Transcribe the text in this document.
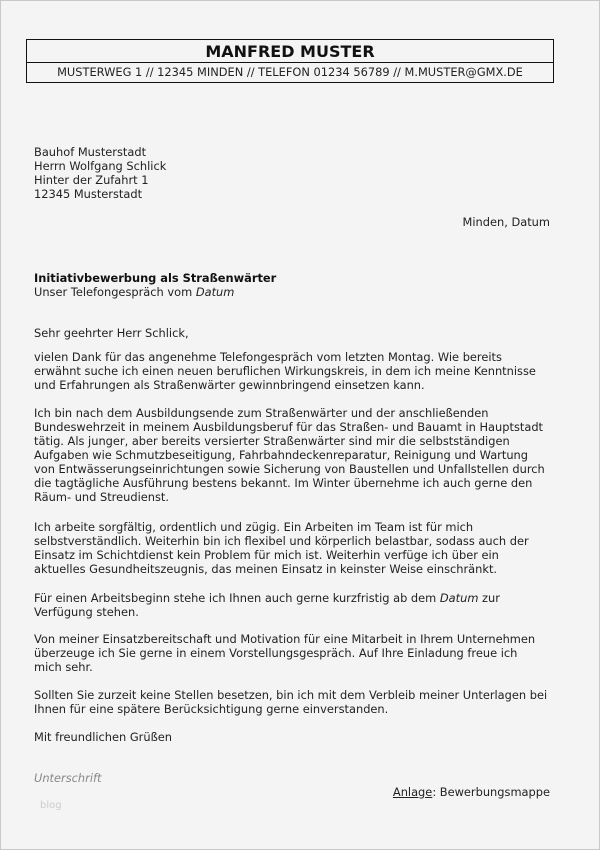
MANFRED MUSTER
MUSTERWEG 1 // 12345 MINDEN // TELEFON 01234 56789 // M.MUSTER@GMX.DE
Bauhof Musterstadt
Herrn Wolfgang Schlick
Hinter der Zufahrt 1
12345 Musterstadt
Minden, Datum
Initiativbewerbung als Straßenwärter
Unser Telefongespräch vom Datum
Sehr geehrter Herr Schlick,
vielen Dank für das angenehme Telefongespräch vom letzten Montag. Wie bereits
erwähnt suche ich einen neuen beruflichen Wirkungskreis, in dem ich meine Kenntnisse
und Erfahrungen als Straßenwärter gewinnbringend einsetzen kann.
Ich bin nach dem Ausbildungsende zum Straßenwärter und der anschließenden
Bundeswehrzeit in meinem Ausbildungsberuf für das Straßen- und Bauamt in Hauptstadt
tätig. Als junger, aber bereits versierter Straßenwärter sind mir die selbstständigen
Aufgaben wie Schmutzbeseitigung, Fahrbahndeckenreparatur, Reinigung und Wartung
von Entwässerungseinrichtungen sowie Sicherung von Baustellen und Unfallstellen durch
die tagtägliche Ausführung bestens bekannt. Im Winter übernehme ich auch gerne den
Räum- und Streudienst.
Ich arbeite sorgfältig, ordentlich und zügig. Ein Arbeiten im Team ist für mich
selbstverständlich. Weiterhin bin ich flexibel und körperlich belastbar, sodass auch der
Einsatz im Schichtdienst kein Problem für mich ist. Weiterhin verfüge ich über ein
aktuelles Gesundheitszeugnis, das meinen Einsatz in keinster Weise einschränkt.
Für einen Arbeitsbeginn stehe ich Ihnen auch gerne kurzfristig ab dem Datum zur
Verfügung stehen.
Von meiner Einsatzbereitschaft und Motivation für eine Mitarbeit in Ihrem Unternehmen
überzeuge ich Sie gerne in einem Vorstellungsgespräch. Auf Ihre Einladung freue ich
mich sehr.
Sollten Sie zurzeit keine Stellen besetzen, bin ich mit dem Verbleib meiner Unterlagen bei
Ihnen für eine spätere Berücksichtigung gerne einverstanden.
Mit freundlichen Grüßen
Unterschrift
Anlage: Bewerbungsmappe
blog
